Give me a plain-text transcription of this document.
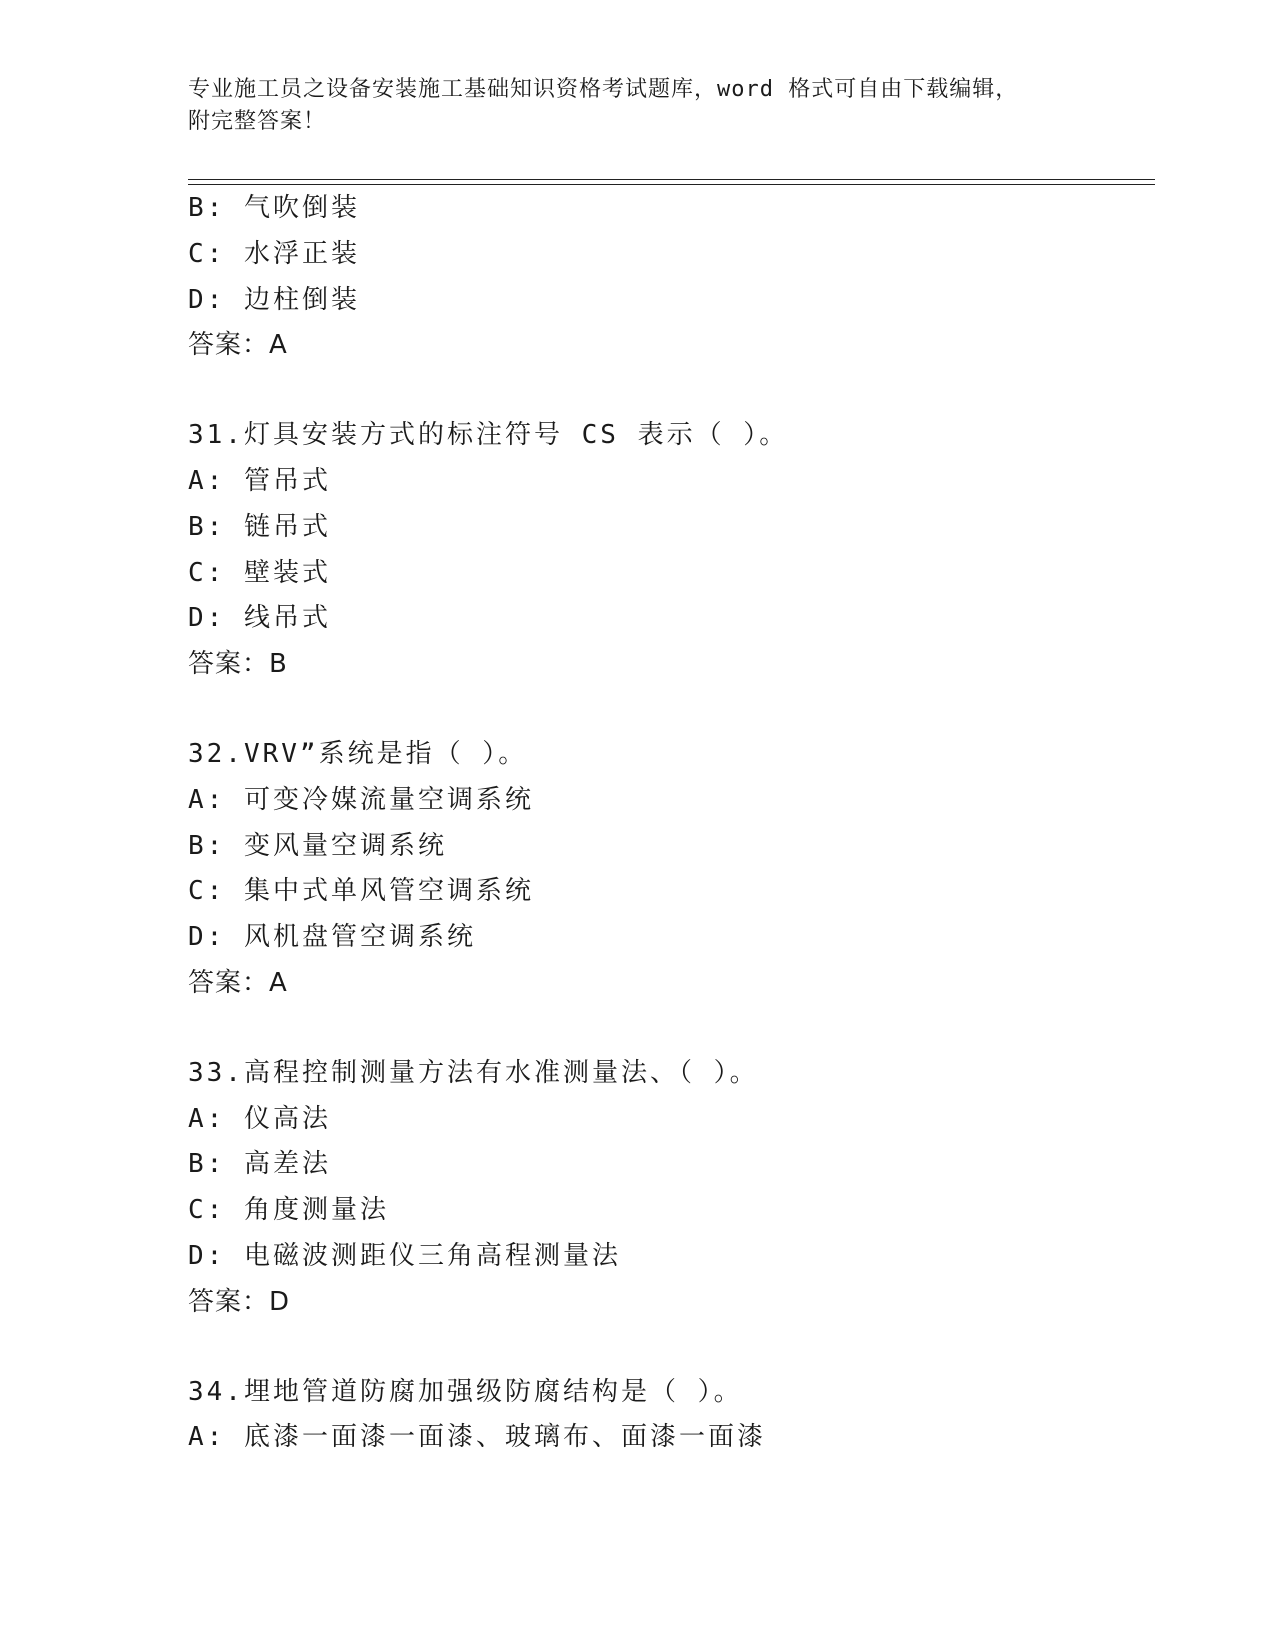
专业施工员之设备安装施工基础知识资格考试题库，word 格式可自由下载编辑，
附完整答案！
B: 气吹倒装
C: 水浮正装
D: 边柱倒装
答案：A
31.灯具安装方式的标注符号 CS 表示（ ）。
A: 管吊式
B: 链吊式
C: 壁装式
D: 线吊式
答案：B
32.VRV”系统是指（ ）。
A: 可变冷媒流量空调系统
B: 变风量空调系统
C: 集中式单风管空调系统
D: 风机盘管空调系统
答案：A
33.高程控制测量方法有水准测量法、（ ）。
A: 仪高法
B: 高差法
C: 角度测量法
D: 电磁波测距仪三角高程测量法
答案：D
34.埋地管道防腐加强级防腐结构是（ ）。
A: 底漆一面漆一面漆、玻璃布、面漆一面漆
